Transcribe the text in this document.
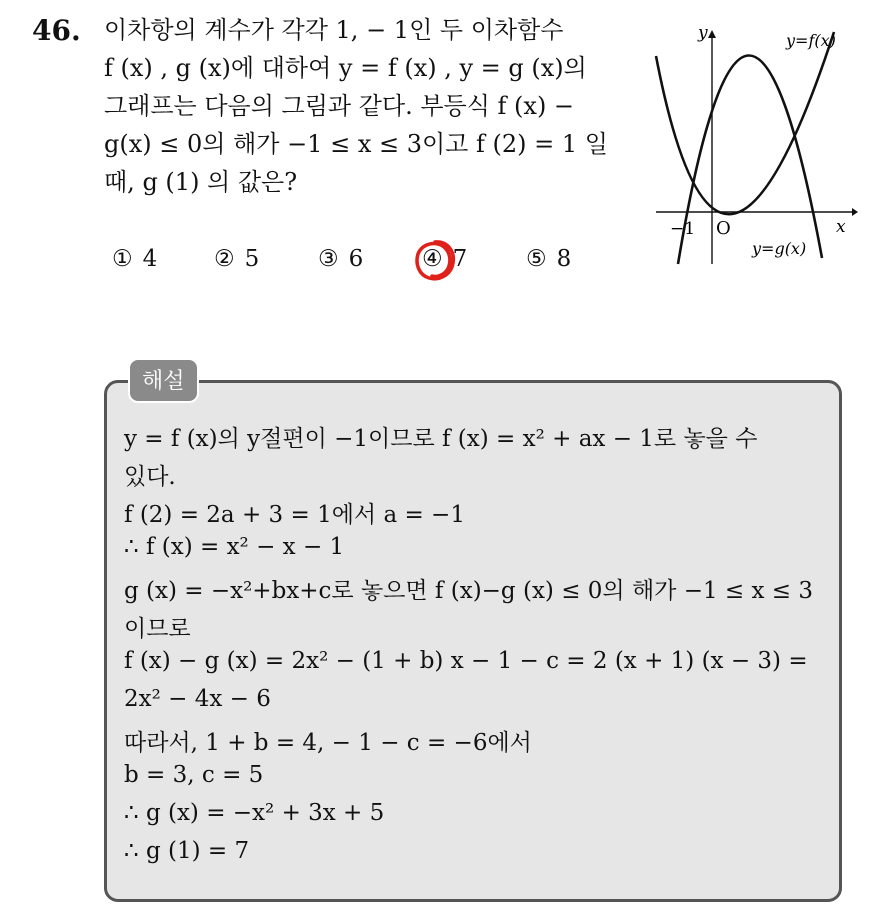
46. 이차항의 계수가 각각 1, − 1인 두 이차함수
f (x) , g (x)에 대하여 y = f (x) , y = g (x)의
그래프는 다음의 그림과 같다. 부등식 f (x) −
g(x) ≤ 0의 해가 −1 ≤ x ≤ 3이고 f (2) = 1 일
때, g (1) 의 값은?
① 4 ② 5	③ 6	④ 7	⑤ 8
y
x
O
−1
y=f(x)
y=g(x)
해설
y = f (x)의 y절편이 −1이므로 f (x) = x² + ax − 1로 놓을 수
있다.
f (2) = 2a + 3 = 1에서 a = −1
∴ f (x) = x² − x − 1
g (x) = −x²+bx+c로 놓으면 f (x)−g (x) ≤ 0의 해가 −1 ≤ x ≤ 3
이므로
f (x) − g (x) = 2x² − (1 + b) x − 1 − c = 2 (x + 1) (x − 3) =
2x² − 4x − 6
따라서, 1 + b = 4, − 1 − c = −6에서
b = 3, c = 5
∴ g (x) = −x² + 3x + 5
∴ g (1) = 7
